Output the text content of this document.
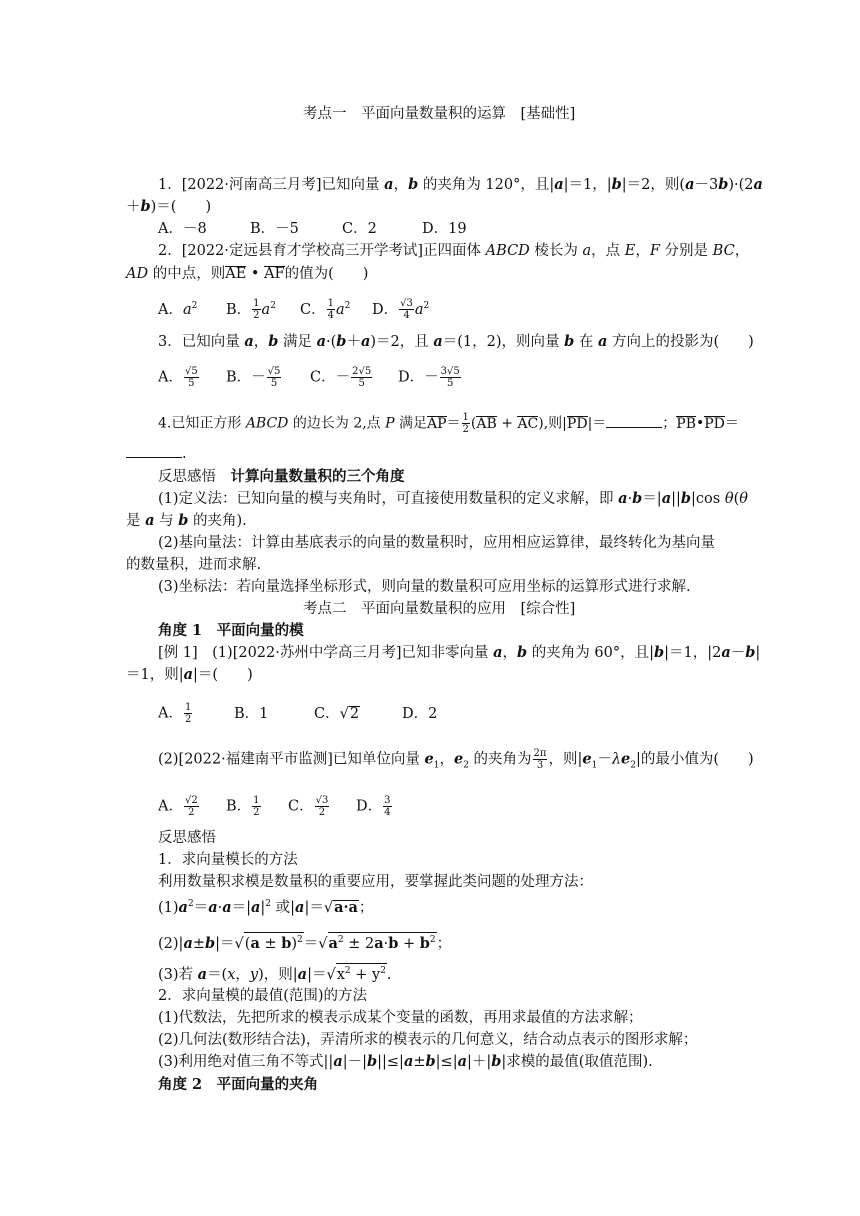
考点一　平面向量数量积的运算　[基础性]
1．[2022·河南高三月考]已知向量 a，b 的夹角为 120°，且|a|＝1，|b|＝2，则(a－3b)·(2a
＋b)＝(　　)
A．－8	B．－5	C．2	D．19
2．[2022·定远县育才学校高三开学考试]正四面体 ABCD 棱长为 a，点 E，F 分别是 BC，
AD 的中点，则AE • AF的值为(　　)
A．$a^2$ B． $\frac{1}{2} a^2$ C． $\frac{1}{4} a^2$ D． $\frac{√3}{4} a^2$
3．已知向量 a，b 满足 a·(b＋a)＝2，且 a＝(1，2)，则向量 b 在 a 方向上的投影为(　　)
A． $\frac{√5}{5}$ B．－ $\frac{√5}{5}$ C．－ $\frac{2√5}{5}$ D．－ $\frac{3√5}{5}$
4.已知正方形 ABCD 的边长为 2,点 P 满足$AP= \frac{1}{2} (AB + AC)$,则|PD|＝	；PB•PD＝
.
反思感悟　计算向量数量积的三个角度
(1)定义法：已知向量的模与夹角时，可直接使用数量积的定义求解，即 a·b＝|a||b|cos θ(θ
是 a 与 b 的夹角).
(2)基向量法：计算由基底表示的向量的数量积时，应用相应运算律，最终转化为基向量
的数量积，进而求解.
(3)坐标法：若向量选择坐标形式，则向量的数量积可应用坐标的运算形式进行求解.
考点二　平面向量数量积的应用　[综合性]
角度 1　平面向量的模
[例 1]　(1)[2022·苏州中学高三月考]已知非零向量 a，b 的夹角为 60°，且|b|＝1，|2a－b|
＝1，则|a|＝(　　)
A． $\frac{1}{2}$	B．1	C．√2	D．2
(2)[2022·福建南平市监测]已知单位向量 $e_1$，$e_2$ 的夹角为 $\frac{2\pi}{3}$ ，则$|e_1-\lambda e_2|$的最小值为(　　)
A． $\frac{√2}{2}$ B． $\frac{1}{2}$ C． $\frac{√3}{2}$ D． $\frac{3}{4}$
反思感悟
1．求向量模长的方法
利用数量积求模是数量积的重要应用，要掌握此类问题的处理方法：
$(1)a^2=a\cdot a=|a|^2$ 或|a|＝√a·a；
$(2)|a\pm b|=√(a \pm b)^2=√a^2 \pm 2a\cdot b + b^2$；
(3)若 a＝(x，y)，则$|a|=√x^2 + y^2$.
2．求向量模的最值(范围)的方法
(1)代数法，先把所求的模表示成某个变量的函数，再用求最值的方法求解；
(2)几何法(数形结合法)，弄清所求的模表示的几何意义，结合动点表示的图形求解；
(3)利用绝对值三角不等式||a|－|b||≤|a±b|≤|a|＋|b|求模的最值(取值范围).
角度 2　平面向量的夹角
